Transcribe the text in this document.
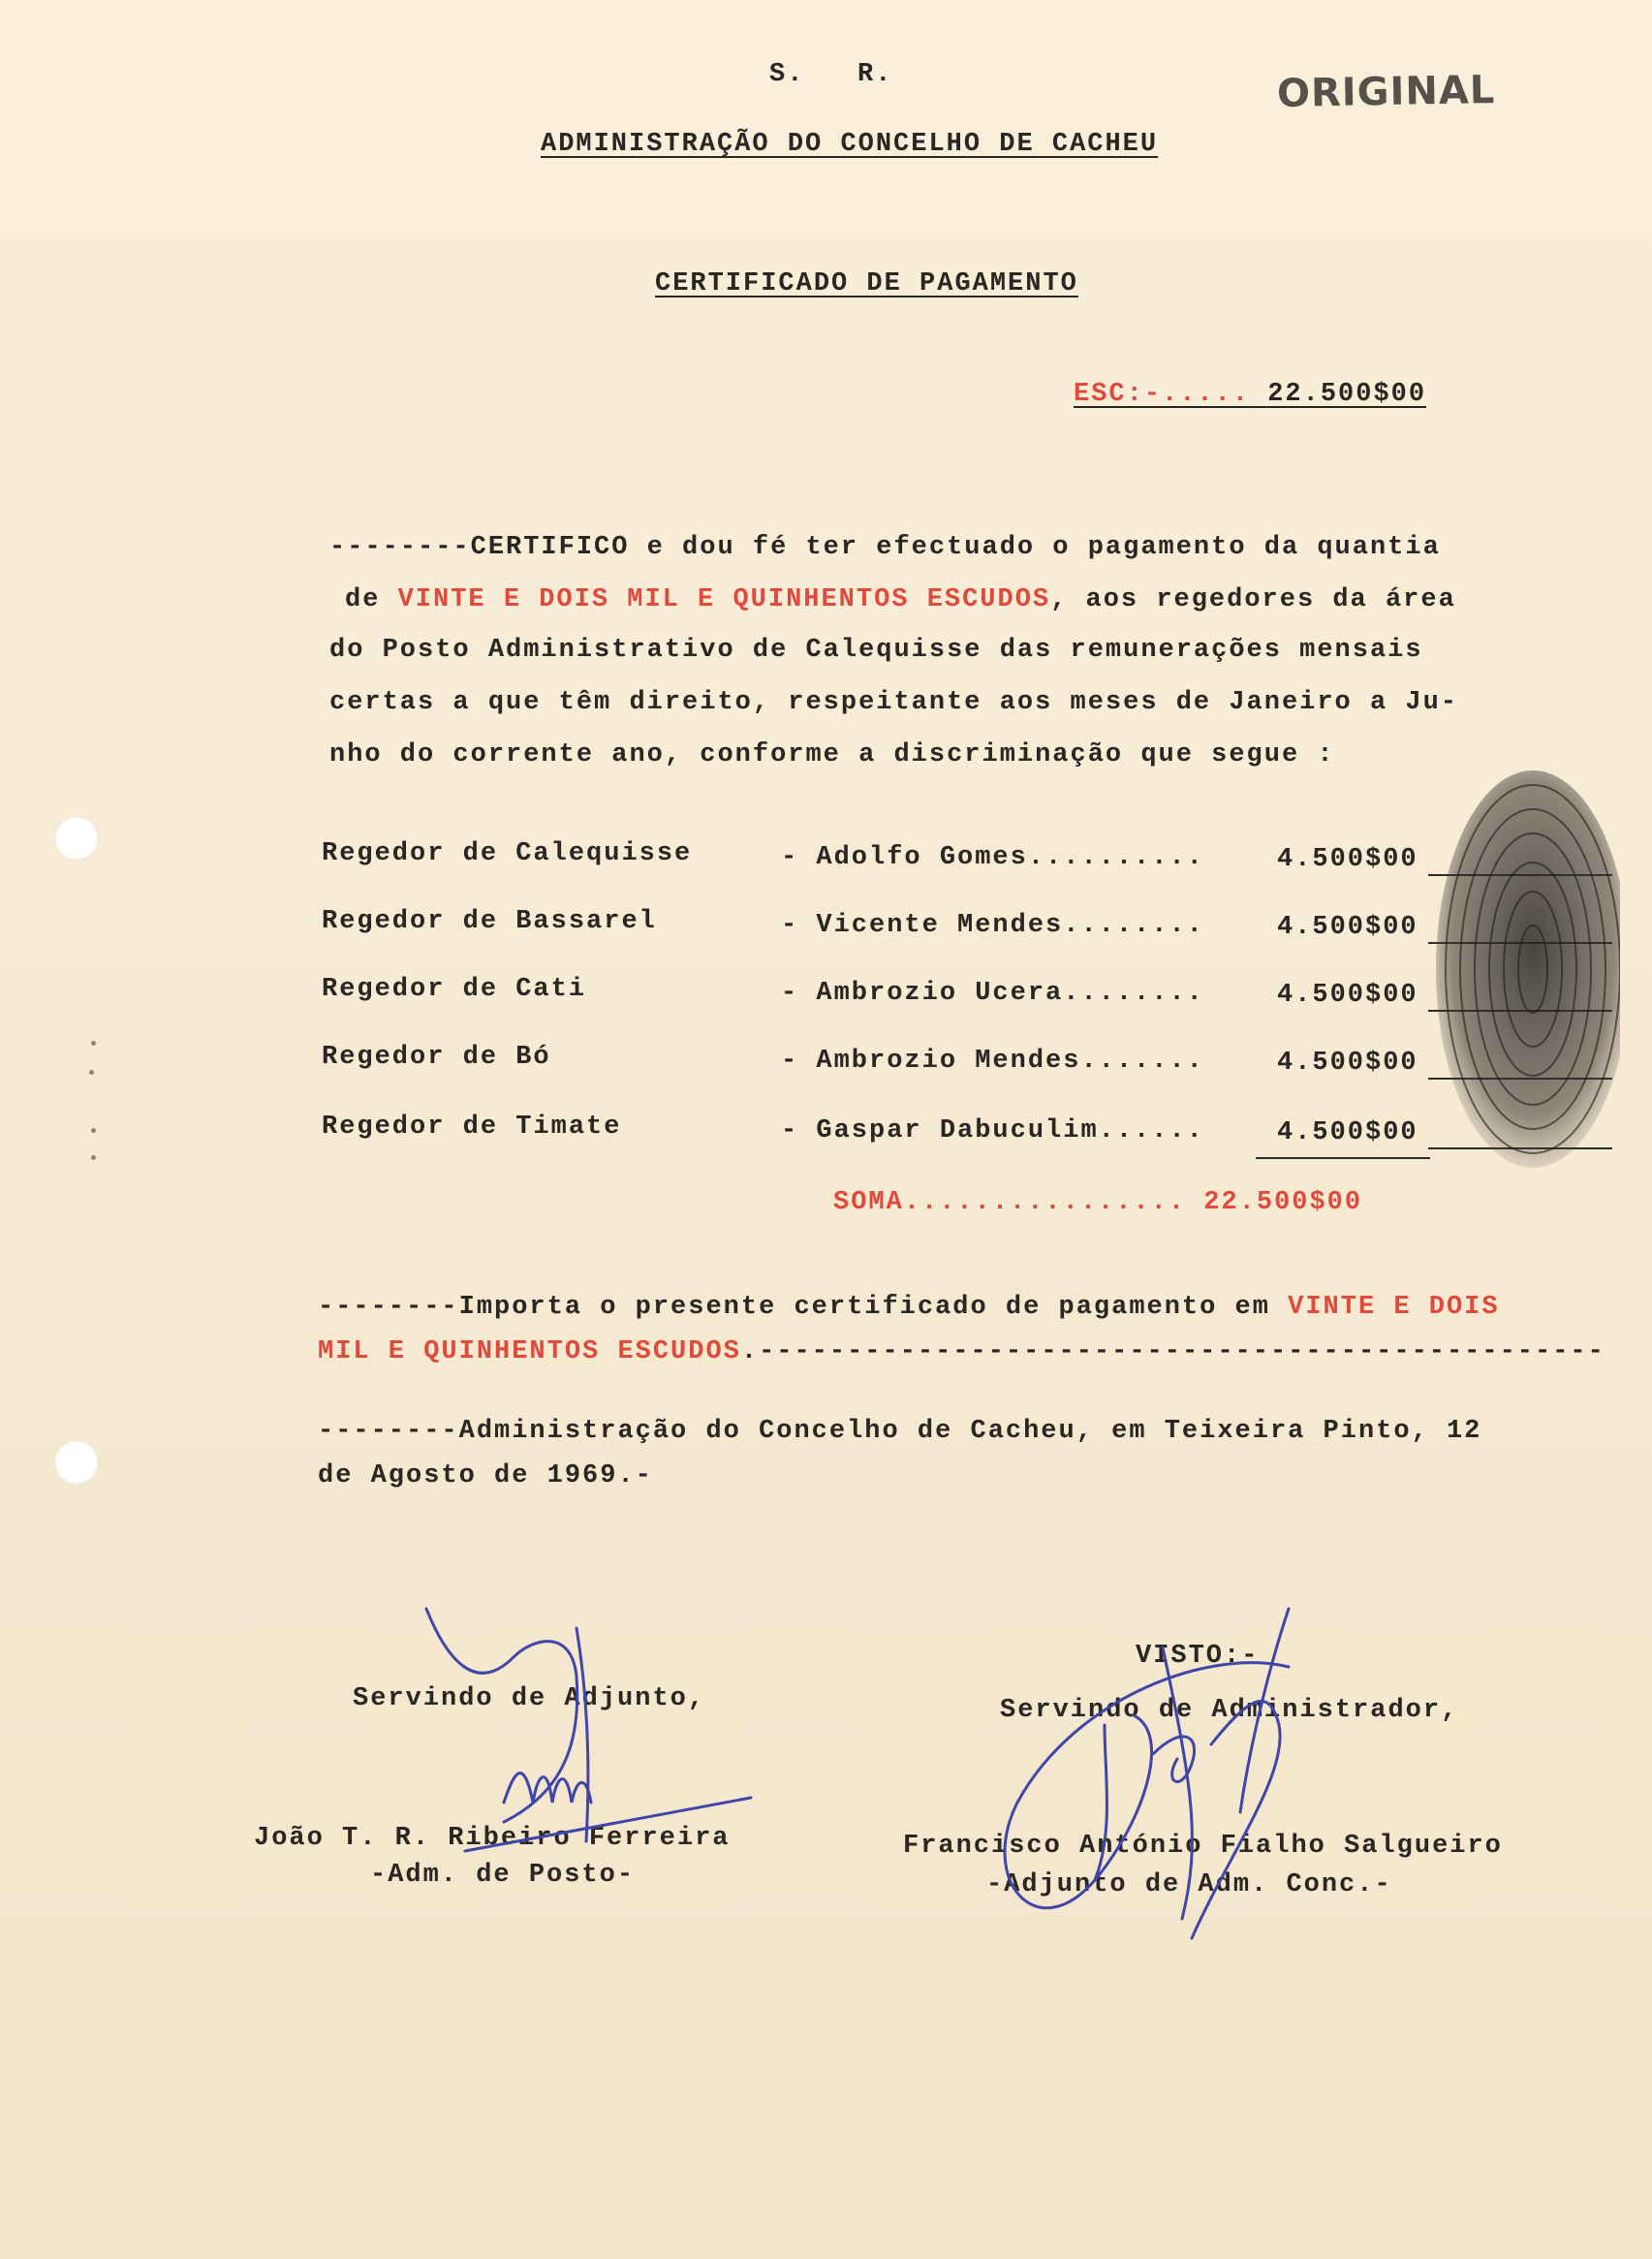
S.   R.	ORIGINAL
ADMINISTRAÇÃO DO CONCELHO DE CACHEU
CERTIFICADO DE PAGAMENTO
ESC:-..... 22.500$00
--------CERTIFICO e dou fé ter efectuado o pagamento da quantia
de VINTE E DOIS MIL E QUINHENTOS ESCUDOS, aos regedores da área
do Posto Administrativo de Calequisse das remunerações mensais
certas a que têm direito, respeitante aos meses de Janeiro a Ju-
nho do corrente ano, conforme a discriminação que segue :
Regedor de Calequisse	- Adolfo Gomes..........	4.500$00
Regedor de Bassarel	- Vicente Mendes........	4.500$00
Regedor de Cati	- Ambrozio Ucera........	4.500$00
Regedor de Bó	- Ambrozio Mendes.......	4.500$00
Regedor de Timate	- Gaspar Dabuculim......	4.500$00
SOMA................ 22.500$00
--------Importa o presente certificado de pagamento em VINTE E DOIS
MIL E QUINHENTOS ESCUDOS.------------------------------------------------
--------Administração do Concelho de Cacheu, em Teixeira Pinto, 12
de Agosto de 1969.-
Servindo de Adjunto,
João T. R. Ribeiro Ferreira
-Adm. de Posto-
VISTO:-
Servindo de Administrador,
Francisco António Fialho Salgueiro
-Adjunto de Adm. Conc.-
